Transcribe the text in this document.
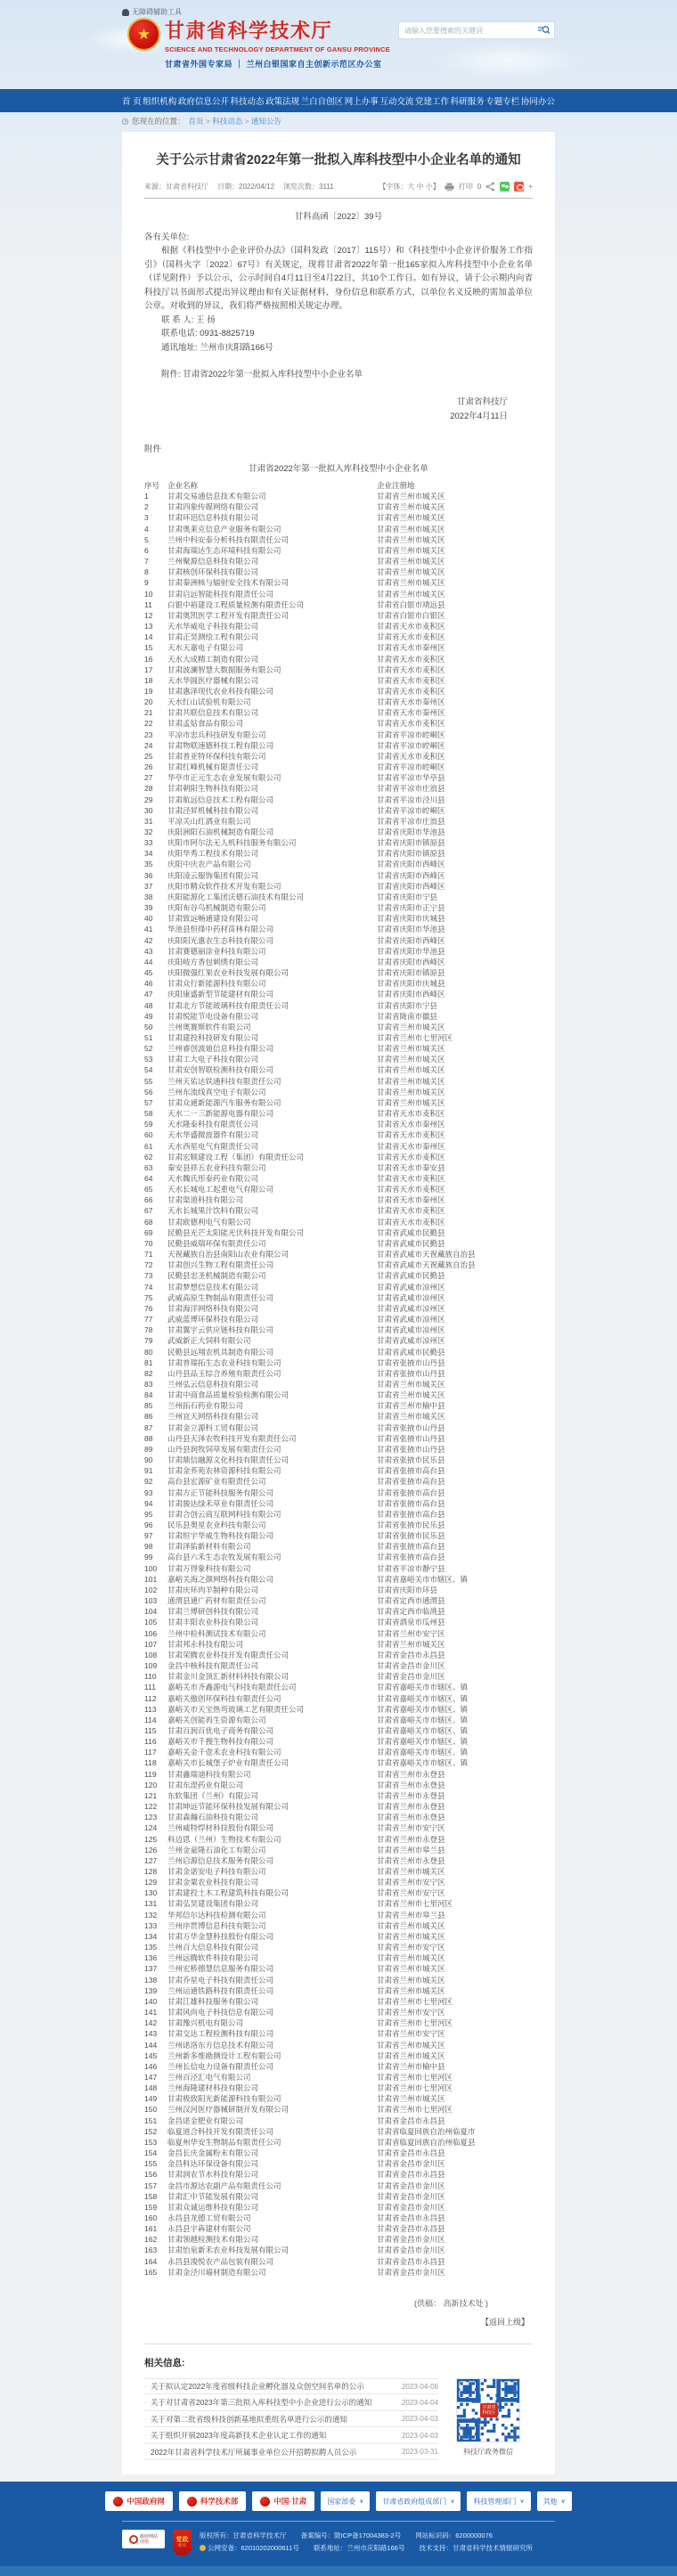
无障碍辅助工具
★ 甘肃省科学技术厅
SCIENCE AND TECHNOLOGY DEPARTMENT OF GANSU PROVINCE
甘肃省外国专家局 ｜ 兰州白银国家自主创新示范区办公室
请输入您要搜索的关键词
首 页 组织机构 政府信息公开 科技动态 政策法规 兰白自创区 网上办事 互动交流 党建工作 科研服务 专题专栏 协同办公
您现在的位置： 首页 > 科技动态 > 通知公告
关于公示甘肃省2022年第一批拟入库科技型中小企业名单的通知
来源：甘肃省科技厅 日期：2022/04/12 浏览次数：3111	【字体：大 中 小】	打印 0	+
甘科高函〔2022〕39号

各有关单位:

根据《科技型中小企业评价办法》（国科发政〔2017〕115号）和《科技型中小企业评价服务工作指引》（国科火字〔2022〕67号）有关规定，现将甘肃省2022年第一批165家拟入库科技型中小企业名单（详见附件）予以公示，公示时间自4月11日至4月22日，共10个工作日。如有异议，请于公示期内向省科技厅以书面形式提出异议理由和有关证据材料、身份信息和联系方式，以单位名义反映的需加盖单位公章。对收到的异议，我们将严格按照相关规定办理。

联 系 人: 王 扬

联系电话: 0931-8825719

通讯地址: 兰州市庆阳路166号

附件: 甘肃省2022年第一批拟入库科技型中小企业名单

甘肃省科技厅
2022年4月11日
附件
甘肃省2022年第一批拟入库科技型中小企业名单
序号	企业名称	企业注册地
1	甘肃交易通信息技术有限公司	甘肃省兰州市城关区
2	甘肃四象传媒网络有限公司	甘肃省兰州市城关区
3	甘肃环迅信息科技有限公司	甘肃省兰州市城关区
4	甘肃奥莱克信息产业服务有限公司	甘肃省兰州市城关区
5	兰州中科安泰分析科技有限责任公司	甘肃省兰州市城关区
6	甘肃海瑞达生态环境科技有限公司	甘肃省兰州市城关区
7	兰州聚源信息科技有限公司	甘肃省兰州市城关区
8	甘肃核创环保科技有限公司	甘肃省兰州市城关区
9	甘肃秦洲核与辐射安全技术有限公司	甘肃省兰州市城关区
10	甘肃启远智能科技有限责任公司	甘肃省兰州市城关区
11	白银中裕建设工程质量检测有限责任公司	甘肃省白银市靖远县
12	甘肃奥凯医学工程开发有限责任公司	甘肃省白银市白银区
13	天水华威电子科技有限公司	甘肃省天水市麦积区
14	甘肃正昊测绘工程有限公司	甘肃省天水市麦积区
15	天水天嘉电子有限公司	甘肃省天水市秦州区
16	天水大成精工制造有限公司	甘肃省天水市麦积区
17	甘肃波澜智慧大数据服务有限公司	甘肃省天水市麦积区
18	天水华圆医疗器械有限公司	甘肃省天水市麦积区
19	甘肃惠泽现代农业科技有限公司	甘肃省天水市麦积区
20	天水红山试验机有限公司	甘肃省天水市秦州区
21	甘肃共联信息技术有限公司	甘肃省天水市秦州区
22	甘肃孟姑食品有限公司	甘肃省天水市麦积区
23	平凉市忠兵科技研发有限公司	甘肃省平凉市崆峒区
24	甘肃物联速德科技工程有限公司	甘肃省平凉市崆峒区
25	甘肃普亚特环保科技有限公司	甘肃省天水市麦积区
26	甘肃红峰机械有限责任公司	甘肃省平凉市崆峒区
27	华亭市正元生态农业发展有限公司	甘肃省平凉市华亭县
28	甘肃朝阳生物科技有限公司	甘肃省平凉市庄浪县
29	甘肃航远信息技术工程有限公司	甘肃省平凉市泾川县
30	甘肃泾昇机械科技有限公司	甘肃省平凉市崆峒区
31	平凉关山红酒业有限公司	甘肃省平凉市庄浪县
32	庆阳洲阳石油机械制造有限公司	甘肃省庆阳市华池县
33	庆阳市阿尔法无人机科技服务有限公司	甘肃省庆阳市镇原县
34	庆阳华秀工程技术有限公司	甘肃省庆阳市镇原县
35	庆阳中庆农产品有限公司	甘肃省庆阳市西峰区
36	庆阳凌云服饰集团有限公司	甘肃省庆阳市西峰区
37	庆阳市精众软件技术开发有限公司	甘肃省庆阳市西峰区
38	庆阳能源化工集团沃德石油技术有限公司	甘肃省庆阳市宁县
39	庆阳布谷鸟机械制造有限公司	甘肃省庆阳市正宁县
40	甘肃致远畅通建设有限公司	甘肃省庆阳市庆城县
41	华池县恒烽中药材苗林有限公司	甘肃省庆阳市华池县
42	庆阳阳光惠农生态科技有限公司	甘肃省庆阳市西峰区
43	甘肃赛德丽涂业科技有限公司	甘肃省庆阳市华池县
44	庆阳岐方香包刺绣有限公司	甘肃省庆阳市西峰区
45	庆阳微强红果农业科技发展有限公司	甘肃省庆阳市镇原县
46	甘肃众行新能源科技有限公司	甘肃省庆阳市庆城县
47	庆阳康盛新型节能建材有限公司	甘肃省庆阳市西峰区
48	甘肃北方节能玻璃科技有限责任公司	甘肃省庆阳市宁县
49	甘肃悦能节电设备有限公司	甘肃省陇南市徽县
50	兰州奥赛斯软件有限公司	甘肃省兰州市城关区
51	甘肃建投科技研发有限公司	甘肃省兰州市七里河区
52	兰州睿创波迪信息科技有限公司	甘肃省兰州市城关区
53	甘肃工大电子科技有限公司	甘肃省兰州市城关区
54	甘肃安创智联检测科技有限公司	甘肃省兰州市城关区
55	兰州天佑达铁通科技有限责任公司	甘肃省兰州市城关区
56	兰州东流线真空电子有限公司	甘肃省兰州市城关区
57	甘肃众通新能源汽车服务有限公司	甘肃省兰州市城关区
58	天水二一三新能源电器有限公司	甘肃省天水市麦积区
59	天水隆泰科技有限责任公司	甘肃省天水市秦州区
60	天水华盛微波器件有限公司	甘肃省天水市麦积区
61	天水西星电气有限责任公司	甘肃省天水市秦州区
62	甘肃宏顺建设工程（集团）有限责任公司	甘肃省天水市麦积区
63	秦安县祥五农业科技有限公司	甘肃省天水市秦安县
64	天水魏氏彤泰药业有限公司	甘肃省天水市麦积区
65	天水长城电工起重电气有限公司	甘肃省天水市麦积区
66	甘肃渠道科技有限公司	甘肃省天水市秦州区
67	天水长城果汁饮料有限公司	甘肃省天水市麦积区
68	甘肃欧德利电气有限公司	甘肃省天水市麦积区
69	民勤县光芒太阳能光伏科技开发有限公司	甘肃省武威市民勤县
70	民勤县威瑞环保有限责任公司	甘肃省武威市民勤县
71	天祝藏族自治县南阳山农业有限公司	甘肃省武威市天祝藏族自治县
72	甘肃创兴生物工程有限责任公司	甘肃省武威市天祝藏族自治县
73	民勤县忠圣机械制造有限公司	甘肃省武威市民勤县
74	甘肃梦想信息技术有限公司	甘肃省武威市凉州区
75	武威高原生物制品有限责任公司	甘肃省武威市凉州区
76	甘肃海洋网络科技有限公司	甘肃省武威市凉州区
77	武威蓝博环保科技有限公司	甘肃省武威市凉州区
78	甘肃翼宇云供应链科技有限公司	甘肃省武威市凉州区
79	武威新正大饲料有限公司	甘肃省武威市凉州区
80	民勤县远翔农机具制造有限公司	甘肃省武威市民勤县
81	甘肃普瑞拓生态农业科技有限公司	甘肃省张掖市山丹县
82	山丹县品玉综合养殖有限责任公司	甘肃省张掖市山丹县
83	兰州弘云信息科技有限公司	甘肃省兰州市城关区
84	甘肃中商食品质量检验检测有限公司	甘肃省兰州市城关区
85	兰州拓石药业有限公司	甘肃省兰州市榆中县
86	兰州宜天网络科技有限公司	甘肃省兰州市城关区
87	甘肃金立源科工贸有限公司	甘肃省张掖市山丹县
88	山丹县天泽农牧科技开发有限责任公司	甘肃省张掖市山丹县
89	山丹县润牧饲草发展有限责任公司	甘肃省张掖市山丹县
90	甘肃鼎信融源文化科技有限责任公司	甘肃省张掖市民乐县
91	甘肃金荞苑农林资源科技有限公司	甘肃省张掖市高台县
92	高台县宏源矿业有限责任公司	甘肃省张掖市高台县
93	甘肃方正节能科技服务有限公司	甘肃省张掖市高台县
94	甘肃骏达绿禾草业有限责任公司	甘肃省张掖市高台县
95	甘肃合创云商互联网科技有限公司	甘肃省张掖市高台县
96	民乐县奥星农业科技有限公司	甘肃省张掖市民乐县
97	甘肃恒宇华威生物科技有限公司	甘肃省张掖市民乐县
98	甘肃泽佑新材料有限公司	甘肃省张掖市高台县
99	高台县六禾生态农牧发展有限公司	甘肃省张掖市高台县
100	甘肃万得象科技有限公司	甘肃省平凉市静宁县
101	嘉峪关海之颜网络科技有限公司	甘肃省嘉峪关市市辖区、镇
102	甘肃庆环肉羊制种有限公司	甘肃省庆阳市环县
103	通渭县通广药材有限责任公司	甘肃省定西市通渭县
104	甘肃兰博研创科技有限公司	甘肃省定西市临洮县
105	甘肃丰阳农业科技有限公司	甘肃省酒泉市瓜州县
106	兰州中检科测试技术有限公司	甘肃省兰州市安宁区
107	甘肃邦永科技有限公司	甘肃省兰州市城关区
108	甘肃荣腾农业科技开发有限责任公司	甘肃省金昌市永昌县
109	金昌中核科技有限责任公司	甘肃省金昌市金川区
110	甘肃金川金顶汇新材料科技有限公司	甘肃省金昌市金川区
111	嘉峪关市齐鑫源电气科技有限责任公司	甘肃省嘉峪关市市辖区、镇
112	嘉峪关傲创环保科技有限责任公司	甘肃省嘉峪关市市辖区、镇
113	嘉峪关市天宝热弯玻璃工艺有限责任公司	甘肃省嘉峪关市市辖区、镇
114	嘉峪关创能再生资源有限公司	甘肃省嘉峪关市市辖区、镇
115	甘肃百润百优电子商务有限公司	甘肃省嘉峪关市市辖区、镇
116	嘉峪关市千搜生物科技有限公司	甘肃省嘉峪关市市辖区、镇
117	嘉峪关金千壹禾农业科技有限公司	甘肃省嘉峪关市市辖区、镇
118	嘉峪关市长城堡子炉业有限责任公司	甘肃省嘉峪关市市辖区、镇
119	甘肃鑫瑞迪科技有限公司	甘肃省兰州市永登县
120	甘肃东湜药业有限公司	甘肃省兰州市永登县
121	东软集团（兰州）有限公司	甘肃省兰州市永登县
122	甘肃坤远节能环保科技发展有限公司	甘肃省兰州市永登县
123	甘肃森瀚石油科技有限公司	甘肃省兰州市永登县
124	兰州威特焊材科技股份有限公司	甘肃省兰州市安宁区
125	科迈恩（兰州）生物技术有限公司	甘肃省兰州市永登县
126	兰州金童隆石油化工有限公司	甘肃省兰州市皋兰县
127	兰州启源信息技术服务有限公司	甘肃省兰州市永登县
128	甘肃金诺安电子科技有限公司	甘肃省兰州市城关区
129	甘肃金粟农业科技有限公司	甘肃省兰州市安宁区
130	甘肃建投土木工程建筑科技有限公司	甘肃省兰州市安宁区
131	甘肃弘昊建设集团有限公司	甘肃省兰州市七里河区
132	华邦信尔达科技检测有限公司	甘肃省兰州市皋兰县
133	兰州序贯博信息科技有限公司	甘肃省兰州市城关区
134	甘肃万华金慧科技股份有限公司	甘肃省兰州市城关区
135	兰州百大信息科技有限公司	甘肃省兰州市安宁区
136	兰州远腾软件科技有限公司	甘肃省兰州市城关区
137	兰州宏桥德慧信息服务有限公司	甘肃省兰州市城关区
138	甘肃乔星电子科技有限责任公司	甘肃省兰州市城关区
139	兰州运通铁路科技有限责任公司	甘肃省兰州市城关区
140	甘肃江雄科技服务有限公司	甘肃省兰州市七里河区
141	甘肃风尚电子科技信息有限公司	甘肃省兰州市安宁区
142	甘肃豫兴机电有限公司	甘肃省兰州市七里河区
143	甘肃交达工程检测科技有限公司	甘肃省兰州市安宁区
144	兰州诺洛东方信息技术有限公司	甘肃省兰州市城关区
145	兰州新多维勘测设计工程有限公司	甘肃省兰州市城关区
146	兰州长信电力设备有限责任公司	甘肃省兰州市榆中县
147	兰州百泾汇电气有限公司	甘肃省兰州市七里河区
148	兰州海隆建材科技有限公司	甘肃省兰州市七里河区
149	甘肃极致阳光新能源科技有限公司	甘肃省兰州市城关区
150	兰州汉河医疗器械研制开发有限公司	甘肃省兰州市七里河区
151	金昌诺金肥业有限公司	甘肃省金昌市永昌县
152	临夏道合科技开发有限责任公司	甘肃省临夏回族自治州临夏市
153	临夏州华安生物制品有限责任公司	甘肃省临夏回族自治州临夏县
154	金昌长庆金属粉末有限公司	甘肃省金昌市永昌县
155	金昌科达环保设备有限公司	甘肃省金昌市金川区
156	甘肃润农节水科技有限公司	甘肃省金昌市永昌县
157	金昌市源达农副产品有限责任公司	甘肃省金昌市金川区
158	甘肃汇中节能发展有限公司	甘肃省金昌市金川区
159	甘肃众诚运维科技有限公司	甘肃省金昌市金川区
160	永昌县龙德工贸有限公司	甘肃省金昌市永昌县
161	永昌县宇犇建材有限公司	甘肃省金昌市永昌县
162	甘肃领越检测技术有限公司	甘肃省金昌市金川区
163	甘肃怡泉新禾农业科技发展有限公司	甘肃省金昌市金川区
164	永昌县浚悦农产品包装有限公司	甘肃省金昌市永昌县
165	甘肃金泾川墙材制造有限公司	甘肃省金昌市金川区
(供稿： 高新技术处 )
【返回上级】
相关信息:
· 关于拟认定2022年度省级科技企业孵化器及众创空间名单的公示	2023-04-06
· 关于对甘肃省2023年第三批拟入库科技型中小企业进行公示的通知	2023-04-04
· 关于对第二批省级科技创新基地拟重组名单进行公示的通知	2023-04-03
· 关于组织开展2023年度高新技术企业认定工作的通知	2023-04-03
· 2022年甘肃省科学技术厅所属事业单位公开招聘拟聘人员公示	2023-03-31
甘肃省 科技厅
科技厅政务微信
★ 中国政府网	★ 科学技术部	★ 中国·甘肃	国家部委 ∨	甘肃省政府组成部门 ∨	科技管理部门 ∨	其他 ∨
政府网站
找错	党政
机关
版权所有：甘肃省科学技术厅 备案编号：陇ICP备17004383-2号 网站标识码：6200000076
公网安备：62010202000611号 联系地址：兰州市庆阳路166号 技术支持：甘肃省科学技术情报研究所
